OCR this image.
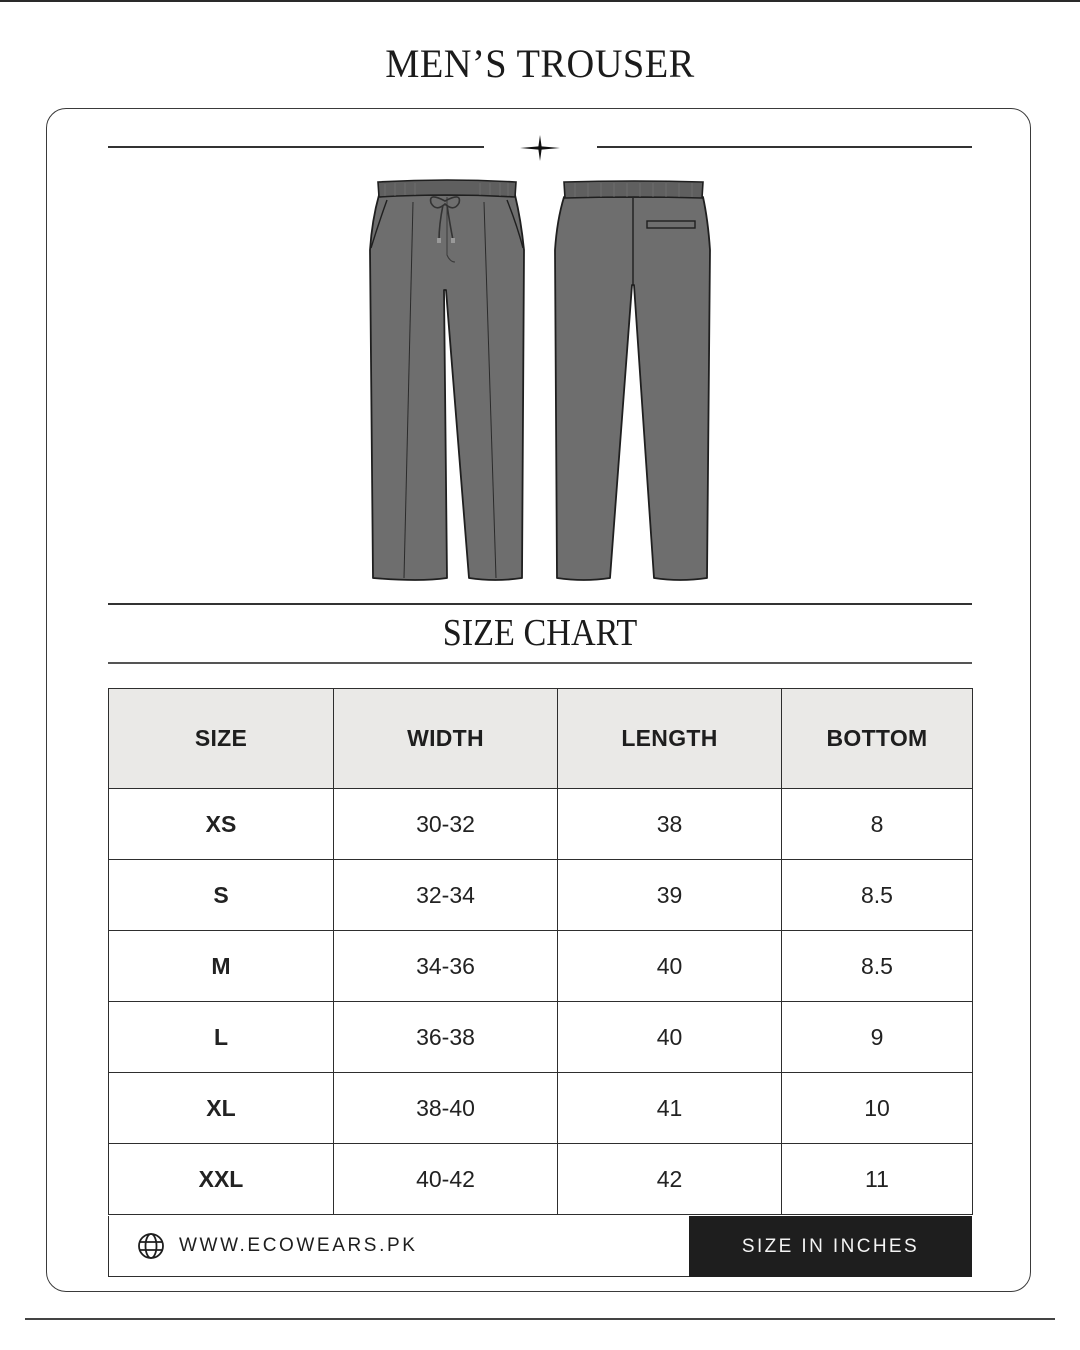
MEN’S TROUSER
SIZE CHART
SIZE	WIDTH	LENGTH	BOTTOM
XS	30-32	38	8
S	32-34	39	8.5
M	34-36	40	8.5
L	36-38	40	9
XL	38-40	41	10
XXL	40-42	42	11
WWW.ECOWEARS.PK	SIZE IN INCHES
